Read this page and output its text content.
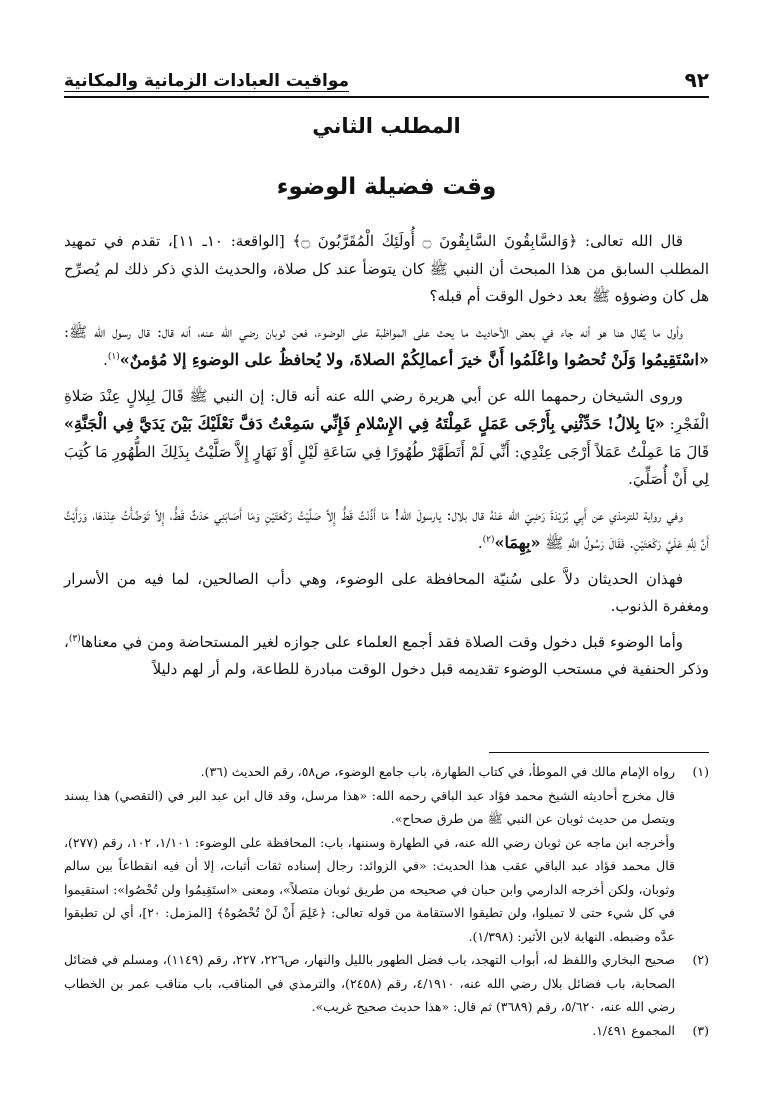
٩٢
مواقيت العبادات الزمانية والمكانية
المطلب الثاني
وقت فضيلة الوضوء

قال الله تعالى: ﴿وَالسَّابِقُونَ السَّابِقُونَ ۝ أُولَئِكَ الْمُقَرَّبُونَ ۝﴾ [الواقعة: ١٠ـ ١١]، تقدم في تمهيد المطلب السابق من هذا المبحث أن النبي ﷺ كان يتوضأ عند كل صلاة، والحديث الذي ذكر ذلك لم يُصرِّح هل كان وضوؤه ﷺ بعد دخول الوقت أم قبله؟

وأول ما يُقال هنا هو أنه جاء في بعض الأحاديث ما يحث على المواظبة على الوضوء، فعن ثوبان رضي الله عنه، أنه قال: قال رسول الله ﷺ: «اسْتَقِيمُوا وَلَنْ تُحصُوا واعْلَمُوا أَنَّ خيرَ أعمالِكُمْ الصلاةَ، ولا يُحافظُ على الوضوءِ إلا مُؤمنٌ»$^{(١)}$.

وروى الشيخان رحمهما الله عن أبي هريرة رضي الله عنه أنه قال: إن النبي ﷺ قَالَ لِبِلالٍ عِنْدَ صَلاةِ الْفَجْرِ: «يَا بِلالُ! حَدِّثْنِي بِأَرْجَى عَمَلٍ عَمِلْتَهُ فِي الإِسْلامِ فَإِنِّي سَمِعْتُ دَفَّ نَعْلَيْكَ بَيْنَ يَدَيَّ فِي الْجَنَّةِ» قَالَ مَا عَمِلْتُ عَمَلاً أَرْجَى عِنْدِي: أَنِّي لَمْ أَتَطَهَّرْ طُهُورًا فِي سَاعَةِ لَيْلٍ أَوْ نَهَارٍ إِلاَّ صَلَّيْتُ بِذَلِكَ الطُّهُورِ مَا كُتِبَ لِي أَنْ أُصَلِّيَ.

وفي رواية للترمذي عن أَبِي بُرَيْدَةَ رَضِيَ الله عَنْهُ قال بلال: يارسولَ الله! مَا أَذَّنْتُ قَطُّ إِلاَّ صَلَّيْتُ رَكْعَتَيْنِ وَمَا أَصَابَنِي حَدَثٌ قَطُّ، إِلاَّ تَوَضَّأْتُ عِنْدَهَا، وَرَأَيْتُ أَنَّ لِلَّهِ عَلَيَّ رَكْعَتَيْنِ. فَقَالَ رَسُولُ اللَّهِ ﷺ «بِهِمَا»$^{(٢)}$.

فهذان الحديثان دلاَّ على سُنيّة المحافظة على الوضوء، وهي دأب الصالحين، لما فيه من الأسرار ومغفرة الذنوب.

وأما الوضوء قبل دخول وقت الصلاة فقد أجمع العلماء على جوازه لغير المستحاضة ومن في معناها$^{(٣)}$، وذكر الحنفية في مستحب الوضوء تقديمه قبل دخول الوقت مبادرة للطاعة، ولم أر لهم دليلاً

(١)
رواه الإمام مالك في الموطأ، في كتاب الطهارة، باب جامع الوضوء، ص٥٨، رقم الحديث (٣٦).
قال مخرج أحاديثه الشيخ محمد فؤاد عبد الباقي رحمه الله: «هذا مرسل، وقد قال ابن عبد البر في (التقصي) هذا يسند ويتصل من حديث ثوبان عن النبي ﷺ من طرق صحاح».
وأخرجه ابن ماجه عن ثوبان رضي الله عنه، في الطهارة وسننها، باب: المحافظة على الوضوء: ١/١٠١، ١٠٢، رقم (٢٧٧)، قال محمد فؤاد عبد الباقي عقب هذا الحديث: «في الزوائد: رجال إسناده ثقات أثبات، إلا أن فيه انقطاعاً بين سالم وثوبان، ولكن أخرجه الدارمي وابن حبان في صحيحه من طريق ثوبان متصلاً»، ومعنى «استَقِيمُوا ولن تُحْصُوا»: استقيموا في كل شيء حتى لا تميلوا، ولن تطيقوا الاستقامة من قوله تعالى: ﴿عَلِمَ أَنْ لَنْ تُحْصُوهُ﴾ [المزمل: ٢٠]، أي لن تطيقوا عدَّه وضبطه. النهاية لابن الأثير: (١/٣٩٨).
(٢)
صحيح البخاري واللفظ له، أبواب التهجد، باب فضل الطهور بالليل والنهار، ص٢٢٦، ٢٢٧، رقم (١١٤٩)، ومسلم في فضائل الصحابة، باب فضائل بلال رضي الله عنه، ٤/١٩١٠، رقم (٢٤٥٨)، والترمذي في المناقب، باب مناقب عمر بن الخطاب رضي الله عنه، ٥/٦٢٠، رقم (٣٦٨٩) ثم قال: «هذا حديث صحيح غريب».
(٣)
المجموع ١/٤٩١.
